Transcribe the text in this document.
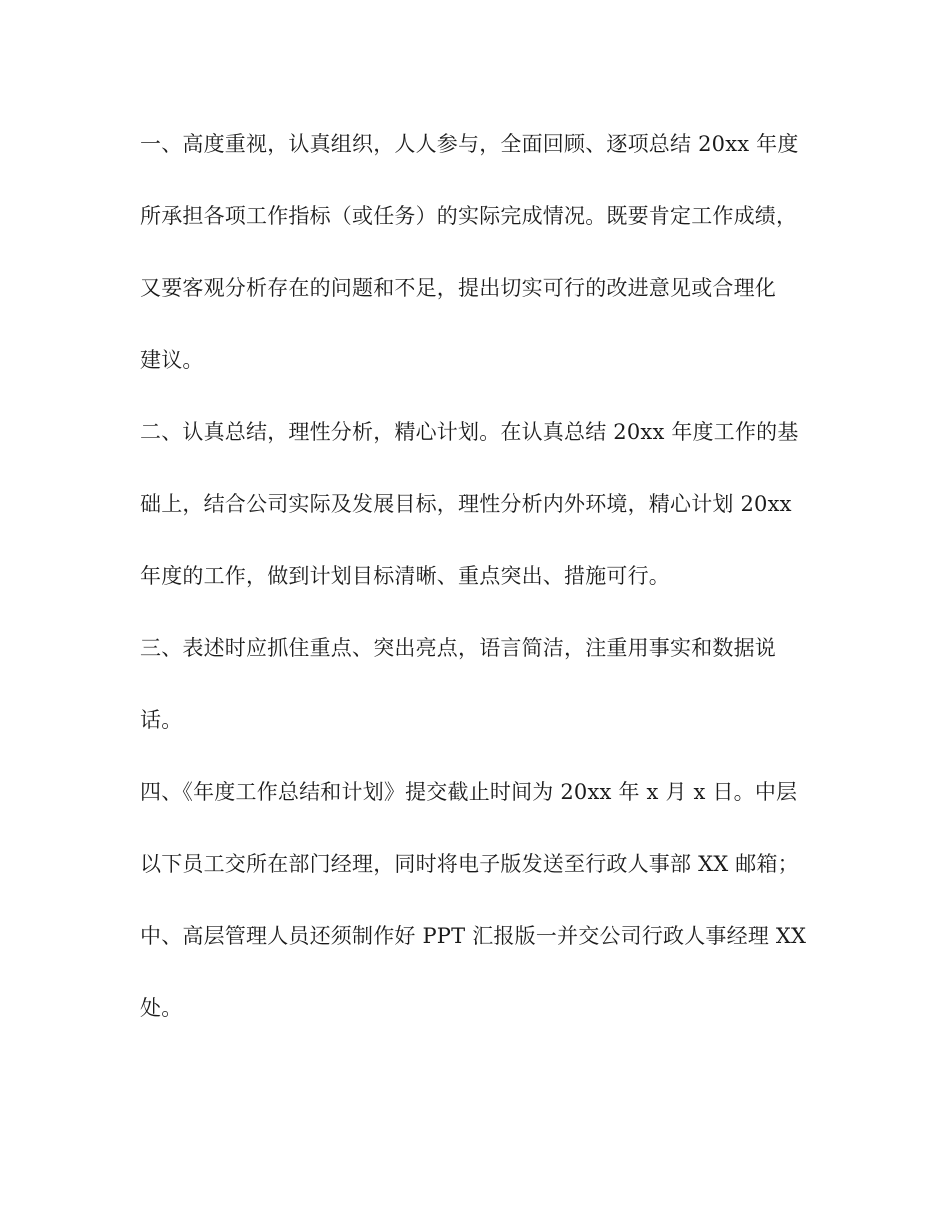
一、高度重视，认真组织，人人参与，全面回顾、逐项总结 20xx 年度
所承担各项工作指标（或任务）的实际完成情况。既要肯定工作成绩，
又要客观分析存在的问题和不足，提出切实可行的改进意见或合理化
建议。
二、认真总结，理性分析，精心计划。在认真总结 20xx 年度工作的基
础上，结合公司实际及发展目标，理性分析内外环境，精心计划 20xx
年度的工作，做到计划目标清晰、重点突出、措施可行。
三、表述时应抓住重点、突出亮点，语言简洁，注重用事实和数据说
话。
四、《年度工作总结和计划》提交截止时间为 20xx 年 x 月 x 日。中层
以下员工交所在部门经理，同时将电子版发送至行政人事部 XX 邮箱；
中、高层管理人员还须制作好 PPT 汇报版一并交公司行政人事经理 XX
处。
